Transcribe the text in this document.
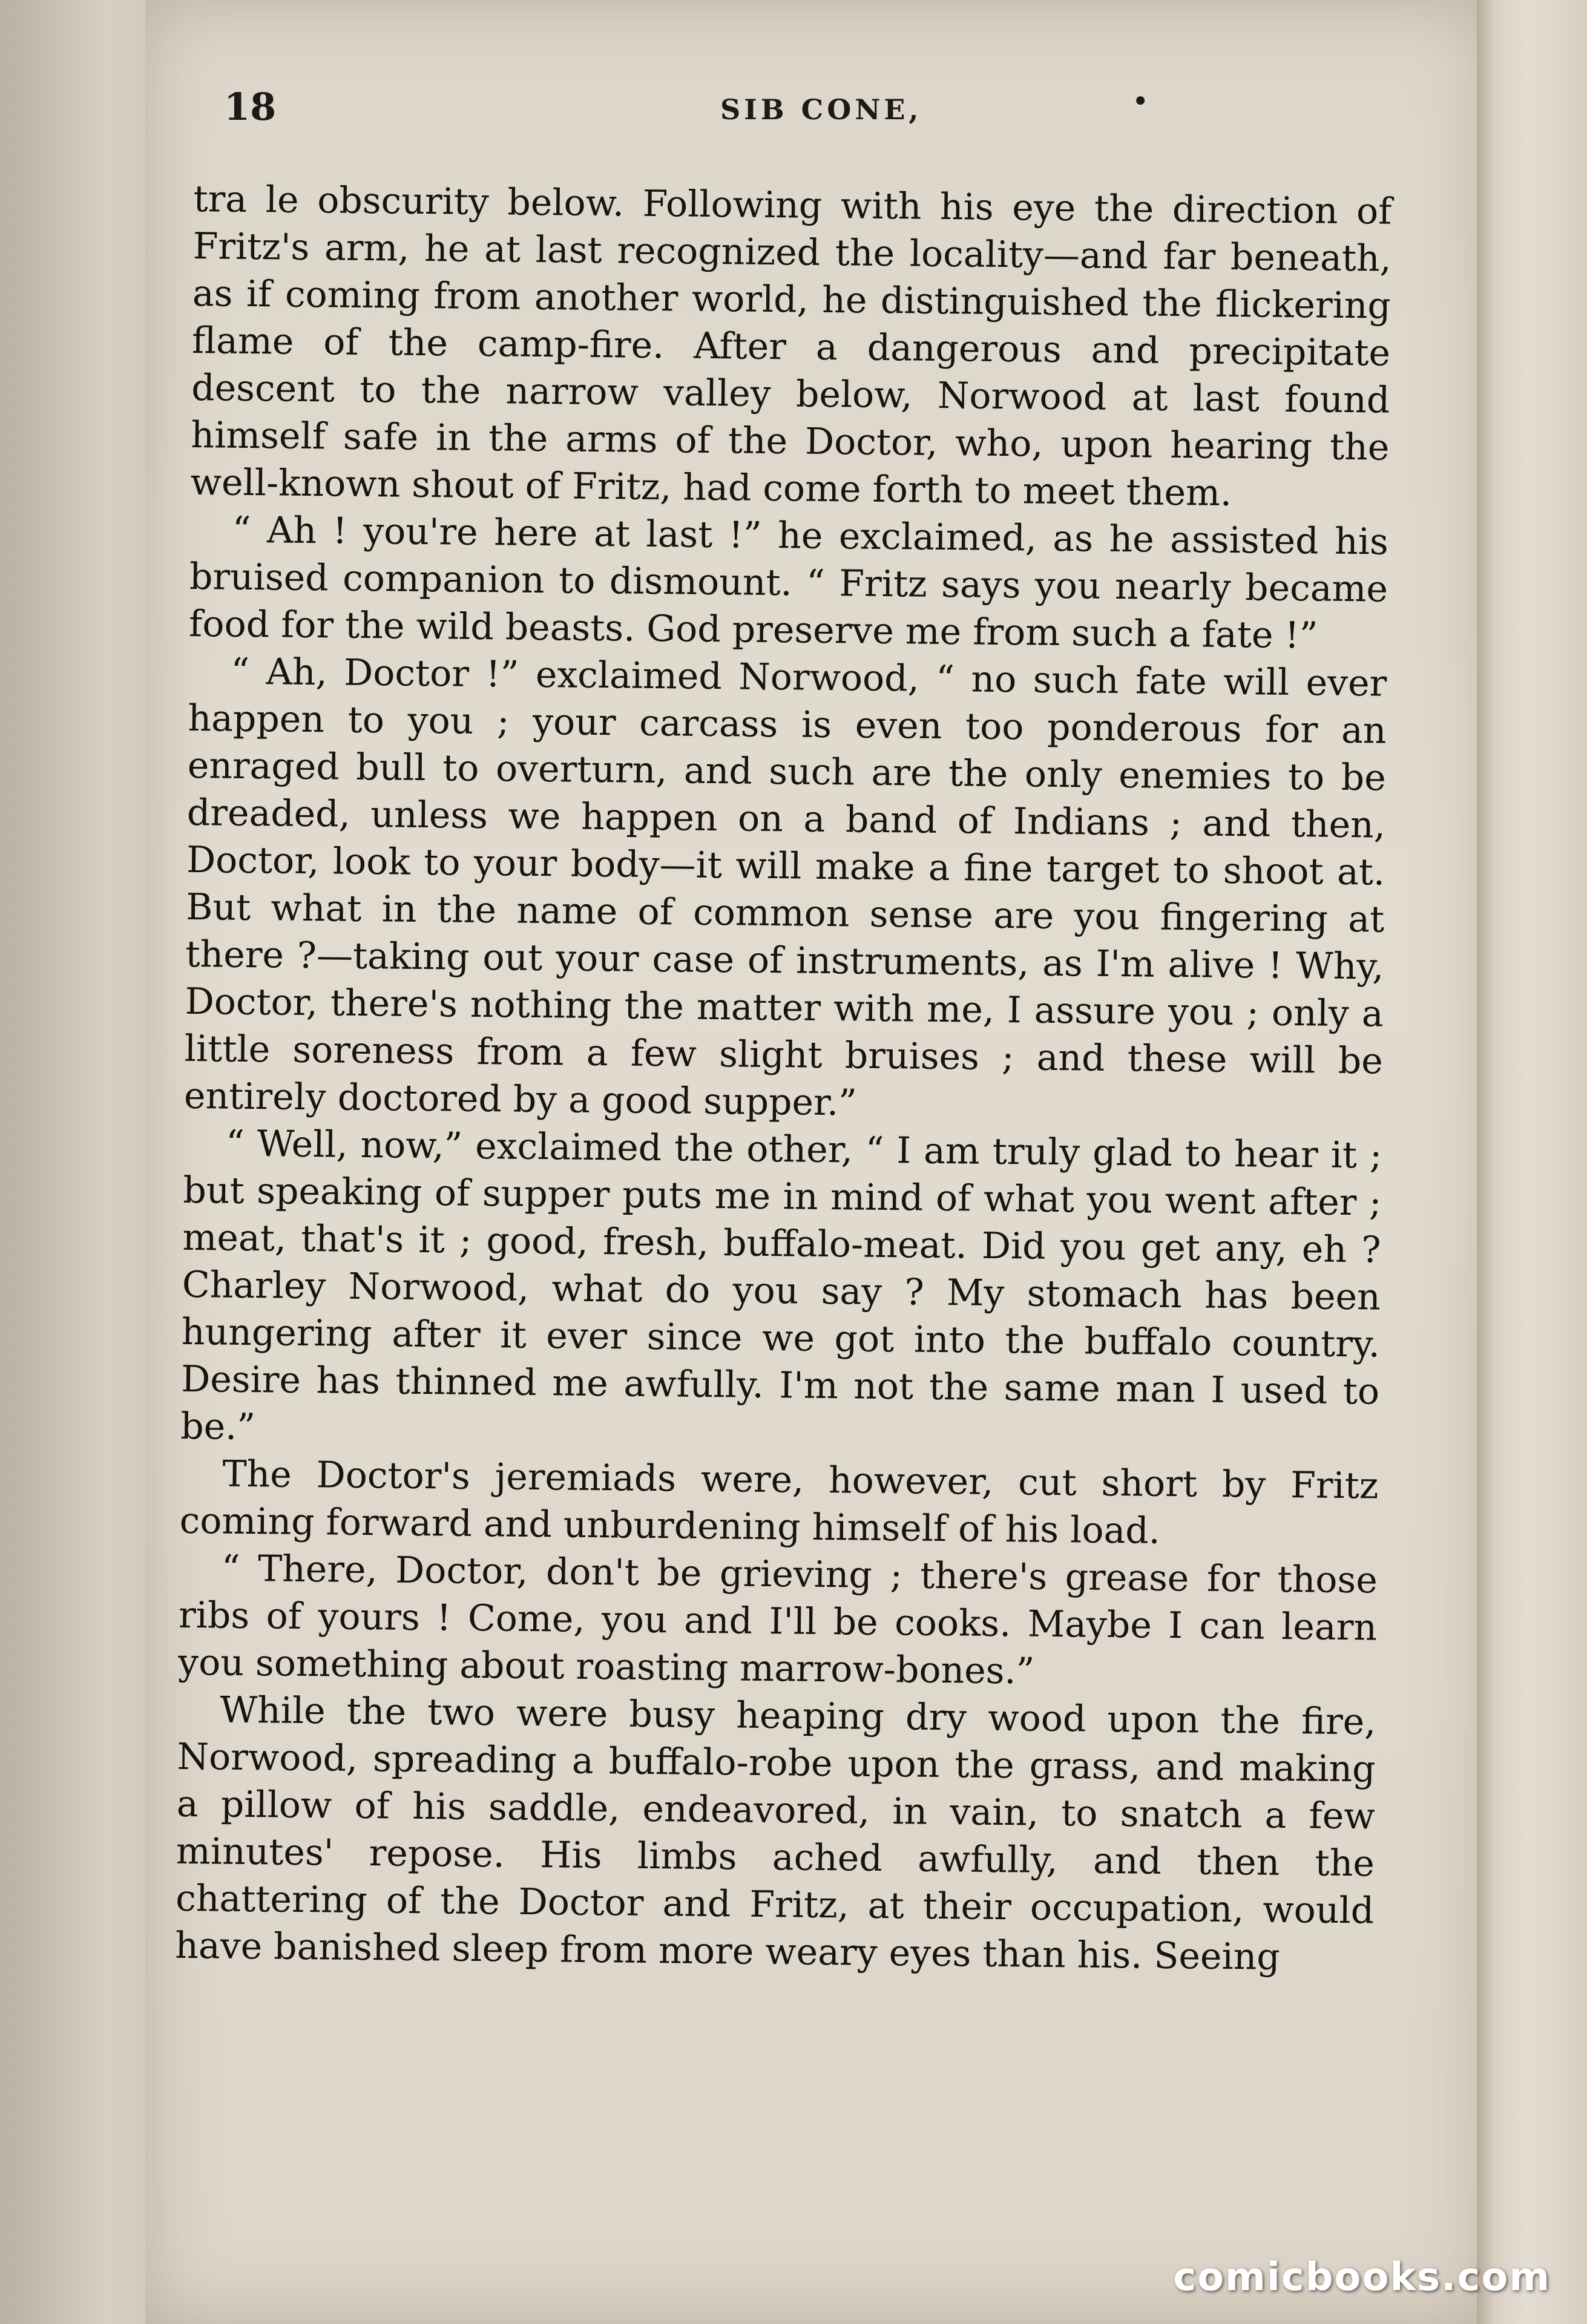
18	SIB CONE,	•

tra le obscurity below. Following with his eye the direction of Fritz's arm, he at last recognized the locality—and far beneath, as if coming from another world, he distinguished the flickering flame of the camp-fire. After a dangerous and precipitate descent to the narrow valley below, Norwood at last found himself safe in the arms of the Doctor, who, upon hearing the well-known shout of Fritz, had come forth to meet them.

“ Ah ! you're here at last !” he exclaimed, as he assisted his bruised companion to dismount. “ Fritz says you nearly became food for the wild beasts. God preserve me from such a fate !”

“ Ah, Doctor !” exclaimed Norwood, “ no such fate will ever happen to you ; your carcass is even too ponderous for an enraged bull to overturn, and such are the only enemies to be dreaded, unless we happen on a band of Indians ; and then, Doctor, look to your body—it will make a fine target to shoot at. But what in the name of common sense are you fingering at there ?—taking out your case of instruments, as I'm alive ! Why, Doctor, there's nothing the matter with me, I assure you ; only a little soreness from a few slight bruises ; and these will be entirely doctored by a good supper.”

“ Well, now,” exclaimed the other, “ I am truly glad to hear it ; but speaking of supper puts me in mind of what you went after ; meat, that's it ; good, fresh, buffalo-meat. Did you get any, eh ? Charley Norwood, what do you say ? My stomach has been hungering after it ever since we got into the buffalo country. Desire has thinned me awfully. I'm not the same man I used to be.”

The Doctor's jeremiads were, however, cut short by Fritz coming forward and unburdening himself of his load.

“ There, Doctor, don't be grieving ; there's grease for those ribs of yours ! Come, you and I'll be cooks. Maybe I can learn you something about roasting marrow-bones.”

While the two were busy heaping dry wood upon the fire, Norwood, spreading a buffalo-robe upon the grass, and making a pillow of his saddle, endeavored, in vain, to snatch a few minutes' repose. His limbs ached awfully, and then the chattering of the Doctor and Fritz, at their occupation, would have banished sleep from more weary eyes than his. Seeing

comicbooks.com
